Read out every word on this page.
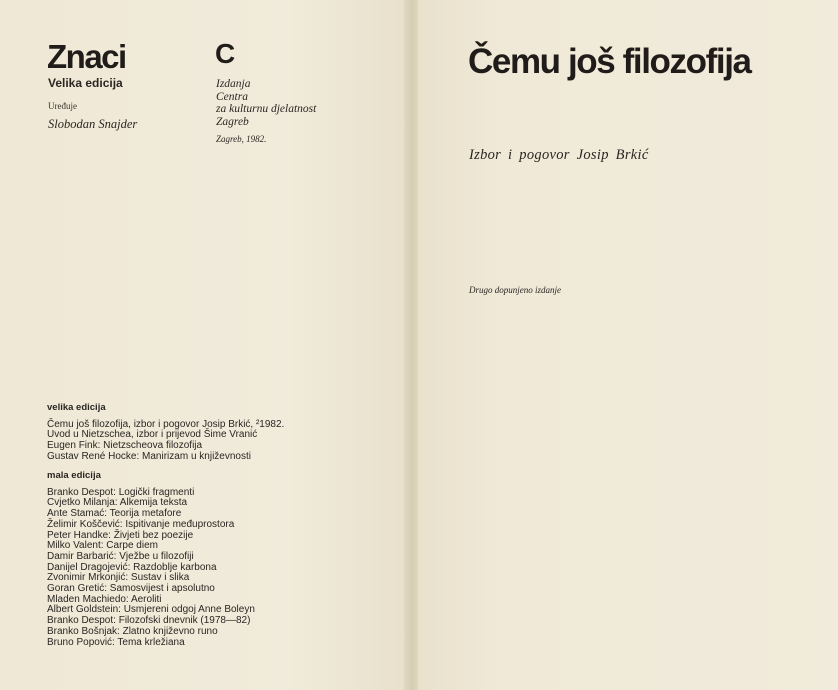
Znaci
Velika edicija
Uređuje
Slobodan Snajder
C
Izdanja
Centra
za kulturnu djelatnost
Zagreb
Zagreb, 1982.
velika edicija
Čemu još filozofija, izbor i pogovor Josip Brkić, ²1982.
Uvod u Nietzschea, izbor i prijevod Šime Vranić
Eugen Fink: Nietzscheova filozofija
Gustav René Hocke: Manirizam u književnosti
mala edicija
Branko Despot: Logički fragmenti
Cvjetko Milanja: Alkemija teksta
Ante Stamać: Teorija metafore
Želimir Koščević: Ispitivanje međuprostora
Peter Handke: Živjeti bez poezije
Milko Valent: Carpe diem
Damir Barbarić: Vježbe u filozofiji
Danijel Dragojević: Razdoblje karbona
Zvonimir Mrkonjić: Sustav i slika
Goran Gretić: Samosvijest i apsolutno
Mladen Machiedo: Aeroliti
Albert Goldstein: Usmjereni odgoj Anne Boleyn
Branko Despot: Filozofski dnevnik (1978—82)
Branko Bošnjak: Zlatno književno runo
Bruno Popović: Tema krležiana
Čemu još filozofija
Izbor i pogovor Josip Brkić
Drugo dopunjeno izdanje
